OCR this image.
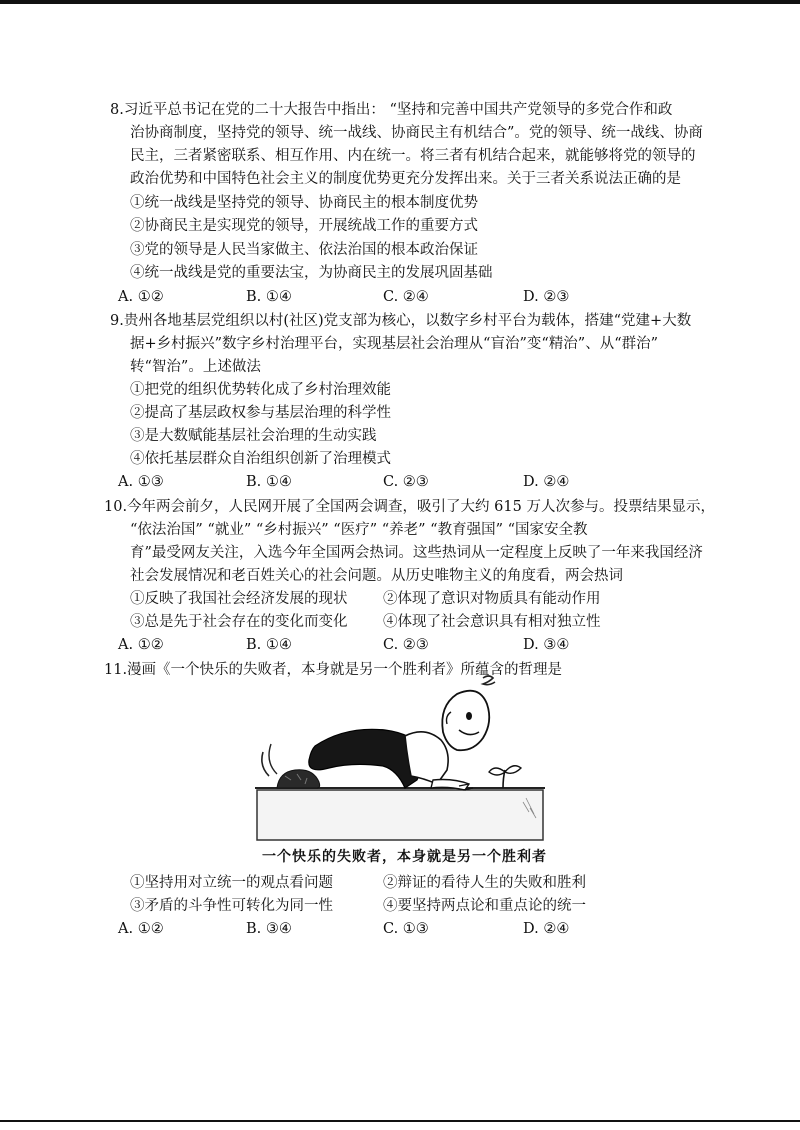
8.习近平总书记在党的二十大报告中指出： “坚持和完善中国共产党领导的多党合作和政
治协商制度，坚持党的领导、统一战线、协商民主有机结合”。党的领导、统一战线、协商
民主，三者紧密联系、相互作用、内在统一。将三者有机结合起来，就能够将党的领导的
政治优势和中国特色社会主义的制度优势更充分发挥出来。关于三者关系说法正确的是
①统一战线是坚持党的领导、协商民主的根本制度优势
②协商民主是实现党的领导，开展统战工作的重要方式
③党的领导是人民当家做主、依法治国的根本政治保证
④统一战线是党的重要法宝，为协商民主的发展巩固基础
A. ①②	B. ①④	C. ②④	D. ②③
9.贵州各地基层党组织以村(社区)党支部为核心，以数字乡村平台为载体，搭建“党建+大数
据+乡村振兴”数字乡村治理平台，实现基层社会治理从“盲治”变“精治”、从“群治”
转“智治”。上述做法
①把党的组织优势转化成了乡村治理效能
②提高了基层政权参与基层治理的科学性
③是大数赋能基层社会治理的生动实践
④依托基层群众自治组织创新了治理模式
A. ①③	B. ①④	C. ②③	D. ②④
10.今年两会前夕，人民网开展了全国两会调查，吸引了大约 615 万人次参与。投票结果显示，
“依法治国” “就业” “乡村振兴” “医疗” “养老” “教育强国” “国家安全教
育”最受网友关注，入选今年全国两会热词。这些热词从一定程度上反映了一年来我国经济
社会发展情况和老百姓关心的社会问题。从历史唯物主义的角度看，两会热词
①反映了我国社会经济发展的现状 ②体现了意识对物质具有能动作用
③总是先于社会存在的变化而变化 ④体现了社会意识具有相对独立性
A. ①②	B. ①④	C. ②③	D. ③④
11.漫画《一个快乐的失败者，本身就是另一个胜利者》所蕴含的哲理是
一个快乐的失败者，本身就是另一个胜利者
①坚持用对立统一的观点看问题	②辩证的看待人生的失败和胜利
③矛盾的斗争性可转化为同一性	④要坚持两点论和重点论的统一
A. ①②	B. ③④	C. ①③	D. ②④
